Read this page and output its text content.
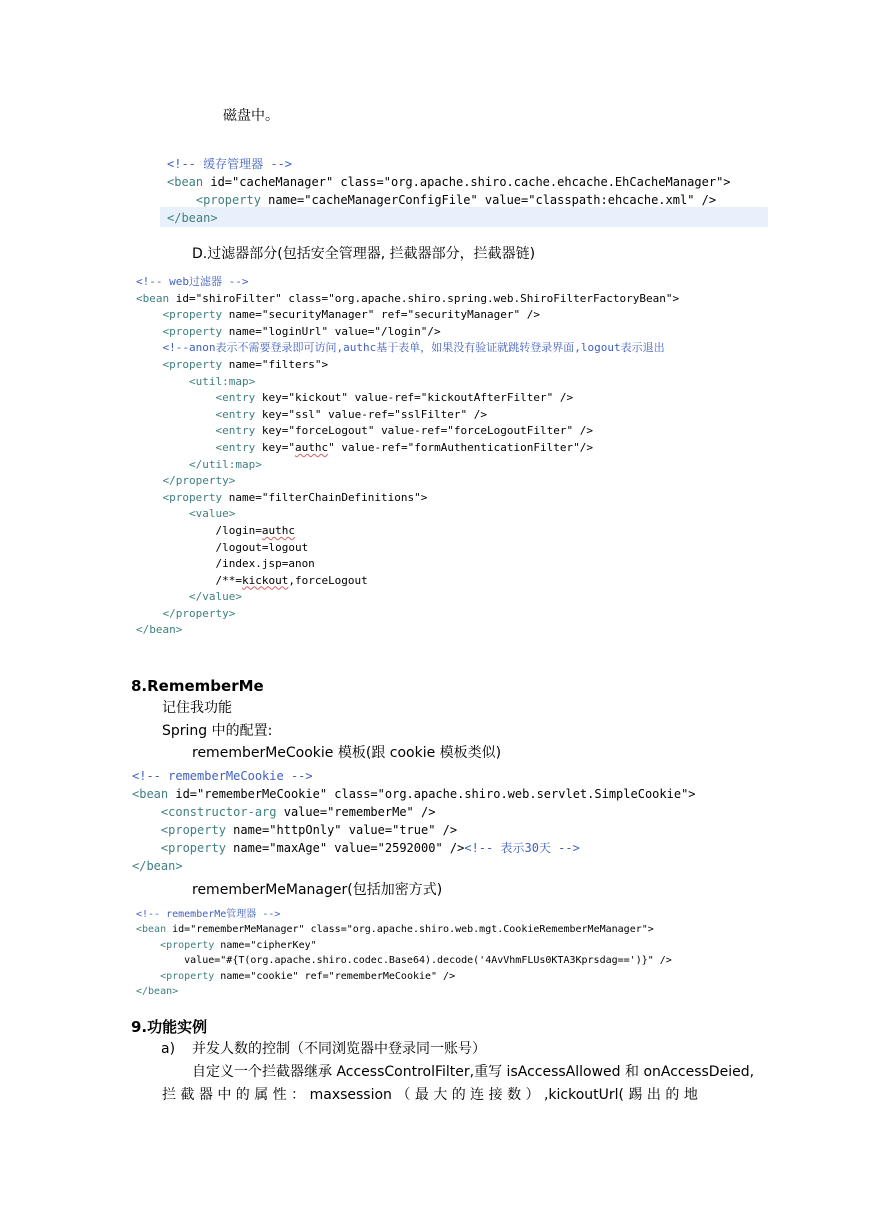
磁盘中。
<!-- 缓存管理器 -->
<bean id="cacheManager" class="org.apache.shiro.cache.ehcache.EhCacheManager">
<property name="cacheManagerConfigFile" value="classpath:ehcache.xml" />
</bean>
D.过滤器部分(包括安全管理器, 拦截器部分，拦截器链)
<!-- web过滤器 -->
<bean id="shiroFilter" class="org.apache.shiro.spring.web.ShiroFilterFactoryBean">
<property name="securityManager" ref="securityManager" />
<property name="loginUrl" value="/login"/>
<!--anon表示不需要登录即可访问,authc基于表单，如果没有验证就跳转登录界面,logout表示退出
<property name="filters">
<util:map>
<entry key="kickout" value-ref="kickoutAfterFilter" />
<entry key="ssl" value-ref="sslFilter" />
<entry key="forceLogout" value-ref="forceLogoutFilter" />
<entry key="authc" value-ref="formAuthenticationFilter"/>
</util:map>
</property>
<property name="filterChainDefinitions">
<value>
/login=authc
/logout=logout
/index.jsp=anon
/**=kickout,forceLogout
</value>
</property>
</bean>
8.RememberMe
记住我功能
Spring 中的配置:
rememberMeCookie 模板(跟 cookie 模板类似)
<!-- rememberMeCookie -->
<bean id="rememberMeCookie" class="org.apache.shiro.web.servlet.SimpleCookie">
<constructor-arg value="rememberMe" />
<property name="httpOnly" value="true" />
<property name="maxAge" value="2592000" /><!-- 表示30天 -->
</bean>
rememberMeManager(包括加密方式)
<!-- rememberMe管理器 -->
<bean id="rememberMeManager" class="org.apache.shiro.web.mgt.CookieRememberMeManager">
<property name="cipherKey"
value="#{T(org.apache.shiro.codec.Base64).decode('4AvVhmFLUs0KTA3Kprsdag==')}" />
<property name="cookie" ref="rememberMeCookie" />
</bean>
9.功能实例
a) 并发人数的控制（不同浏览器中登录同一账号）
自定义一个拦截器继承 AccessControlFilter,重写 isAccessAllowed 和 onAccessDeied,
拦 截 器 中 的 属 性 ： maxsession （ 最 大 的 连 接 数 ） ,kickoutUrl( 踢 出 的 地
